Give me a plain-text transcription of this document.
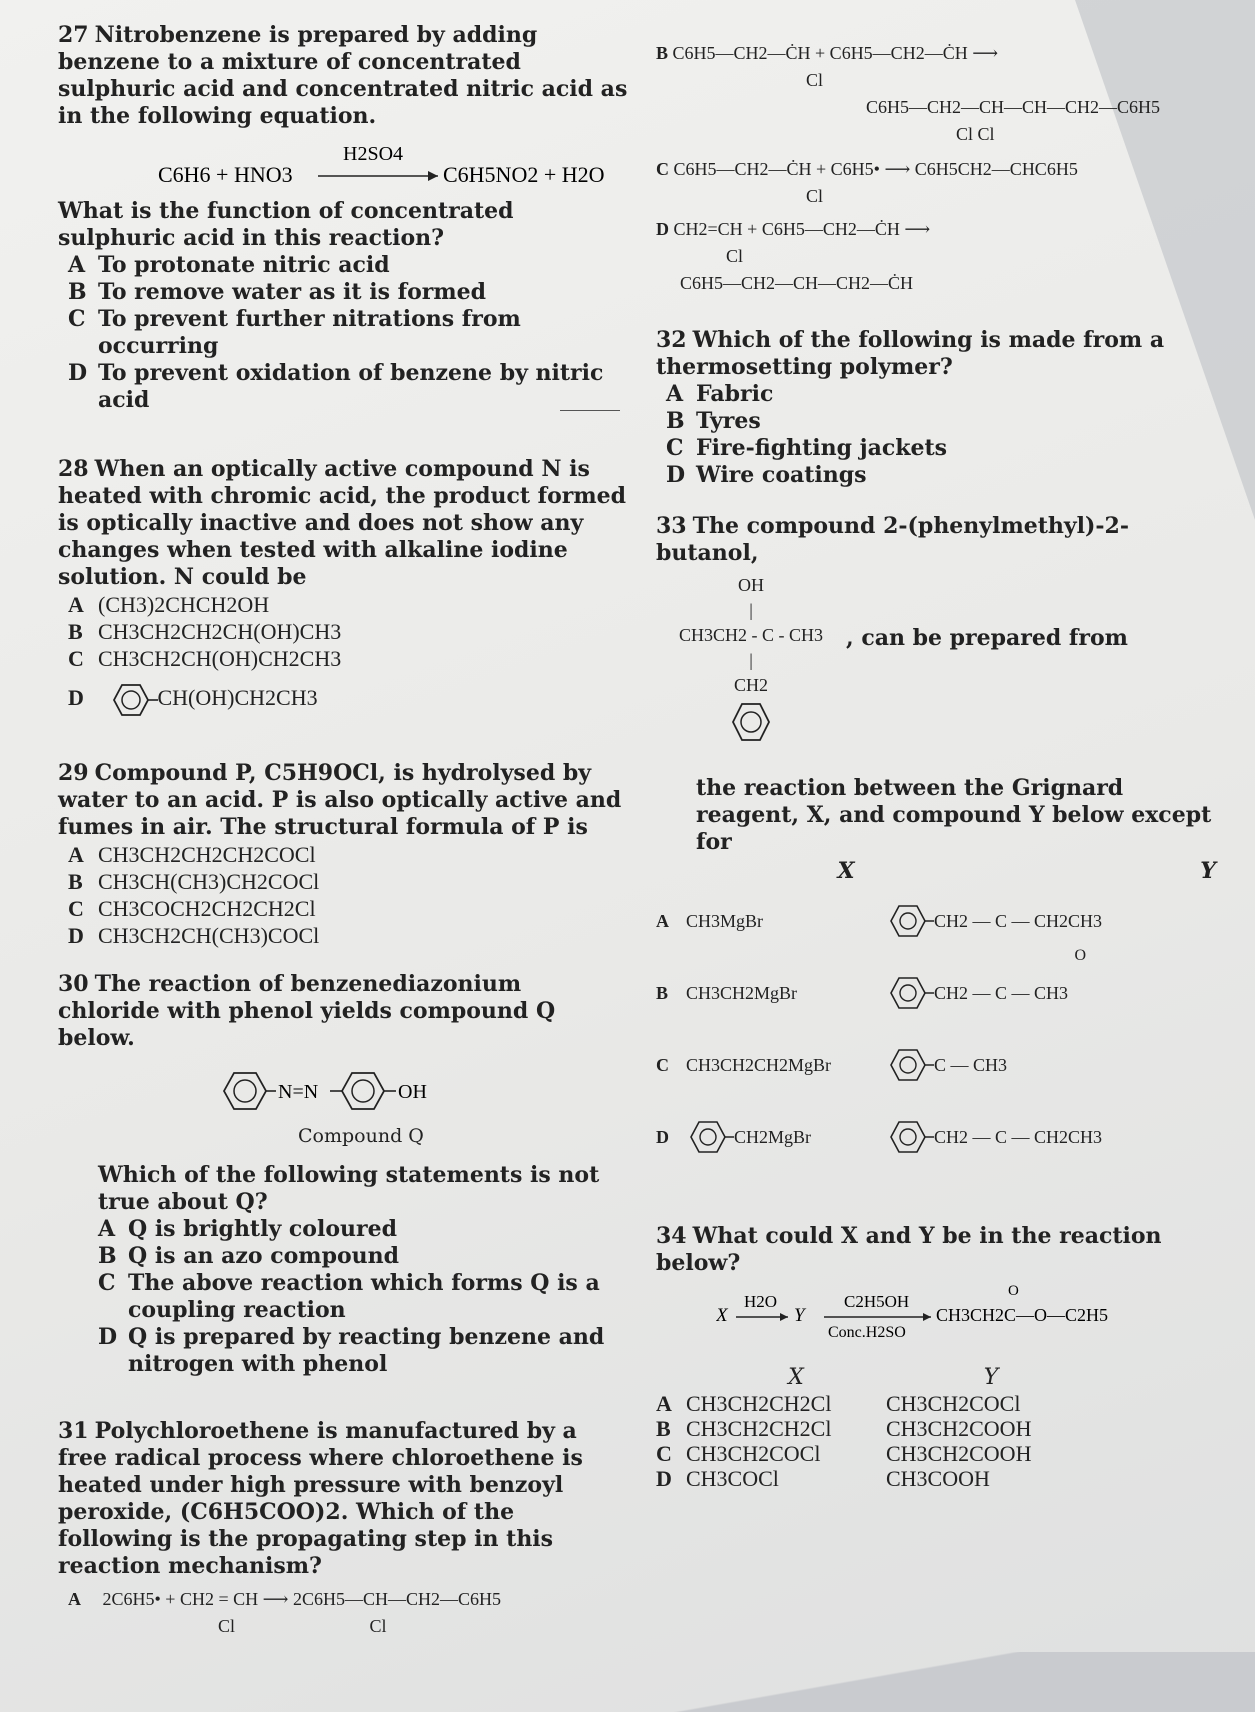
27 Nitrobenzene is prepared by adding benzene to a mixture of concentrated sulphuric acid and concentrated nitric acid as in the following equation.
C6H6 + HNO3
H2SO4
C6H5NO2 + H2O
What is the function of concentrated sulphuric acid in this reaction?
A To protonate nitric acid
B To remove water as it is formed
C To prevent further nitrations from occurring
D To prevent oxidation of benzene by nitric acid
28 When an optically active compound N is heated with chromic acid, the product formed is optically inactive and does not show any changes when tested with alkaline iodine solution. N could be
A (CH3)2CHCH2OH
B CH3CH2CH2CH(OH)CH3
C CH3CH2CH(OH)CH2CH3
D	CH(OH)CH2CH3
29 Compound P, C5H9OCl, is hydrolysed by water to an acid. P is also optically active and fumes in air. The structural formula of P is
A CH3CH2CH2CH2COCl
B CH3CH(CH3)CH2COCl
C CH3COCH2CH2CH2Cl
D CH3CH2CH(CH3)COCl
30 The reaction of benzenediazonium chloride with phenol yields compound Q below.
N=N	OH
Compound Q
Which of the following statements is not true about Q?
A Q is brightly coloured
B Q is an azo compound
C The above reaction which forms Q is a coupling reaction
D Q is prepared by reacting benzene and nitrogen with phenol
31 Polychloroethene is manufactured by a free radical process where chloroethene is heated under high pressure with benzoyl peroxide, (C6H5COO)2. Which of the following is the propagating step in this reaction mechanism?
A 2C6H5• + CH2 = CH ⟶ 2C6H5—CH—CH2—C6H5
Cl	Cl
B C6H5—CH2—ĊH + C6H5—CH2—ĊH ⟶
Cl
C6H5—CH2—CH—CH—CH2—C6H5
Cl Cl
C C6H5—CH2—ĊH + C6H5• ⟶ C6H5CH2—CHC6H5
Cl
D CH2=CH + C6H5—CH2—ĊH ⟶
Cl
C6H5—CH2—CH—CH2—ĊH
32 Which of the following is made from a thermosetting polymer?
A Fabric
B Tyres
C Fire-fighting jackets
D Wire coatings
33 The compound 2-(phenylmethyl)-2-butanol,
OH
|
CH3CH2 - C - CH3
|
CH2
, can be prepared from
the reaction between the Grignard reagent, X, and compound Y below except for
X	Y
A CH3MgBr	CH2 — C — CH2CH3
B CH3CH2MgBr	CH2 — C — CH3
C CH3CH2CH2MgBr	C — CH3
D	CH2MgBr	CH2 — C — CH2CH3
O
34 What could X and Y be in the reaction below?
X
H2O
Y
C2H5OH
Conc.H2SO
O
CH3CH2C—O—C2H5
X	Y
A CH3CH2CH2Cl	CH3CH2COCl
B CH3CH2CH2Cl	CH3CH2COOH
C CH3CH2COCl	CH3CH2COOH
D CH3COCl	CH3COOH
